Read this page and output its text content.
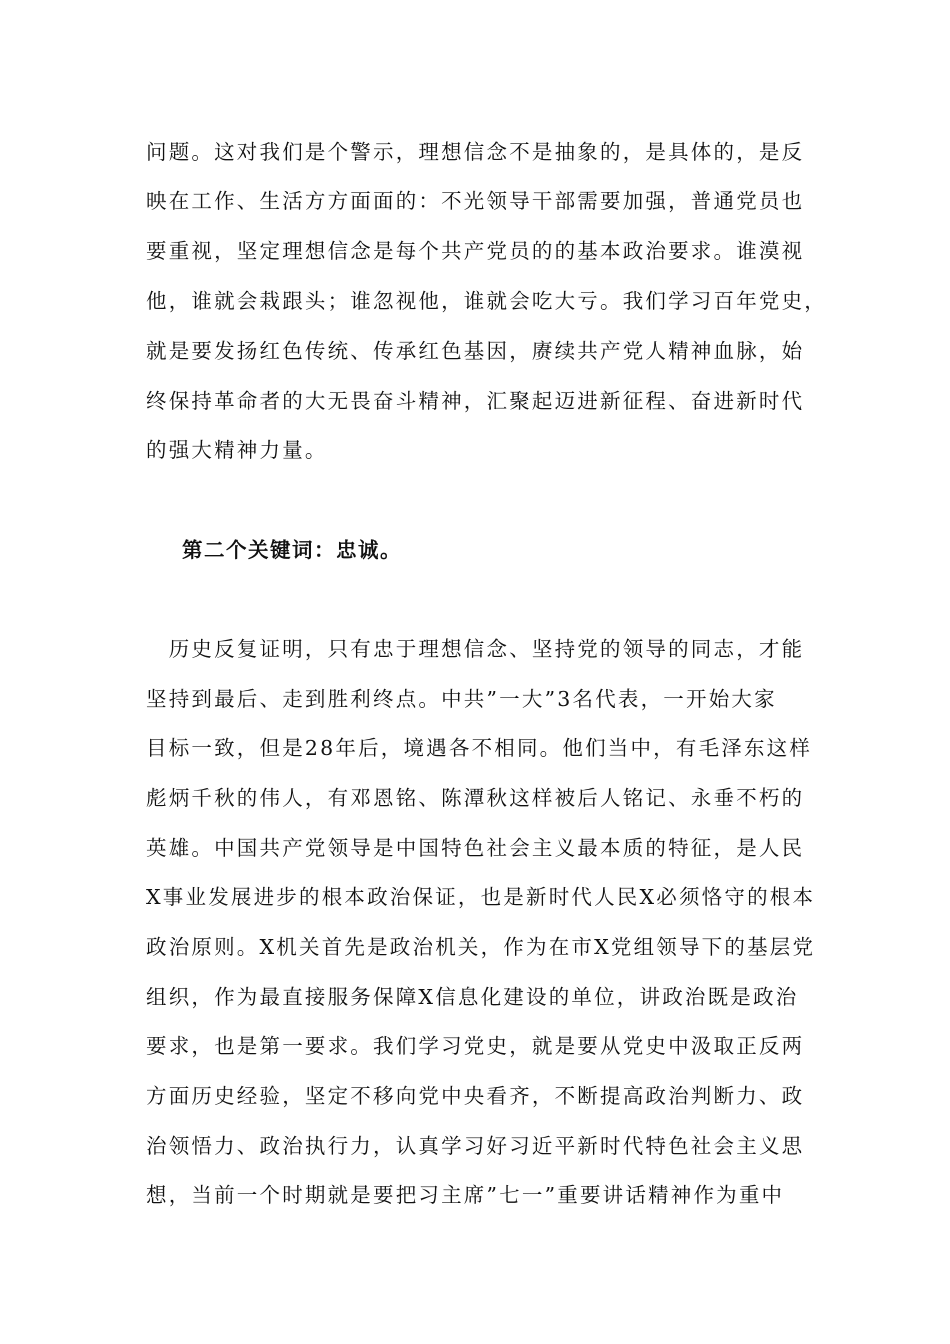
问题。这对我们是个警示，理想信念不是抽象的，是具体的，是反
映在工作、生活方方面面的：不光领导干部需要加强，普通党员也
要重视，坚定理想信念是每个共产党员的的基本政治要求。谁漠视
他，谁就会栽跟头；谁忽视他，谁就会吃大亏。我们学习百年党史，
就是要发扬红色传统、传承红色基因，赓续共产党人精神血脉，始
终保持革命者的大无畏奋斗精神，汇聚起迈进新征程、奋进新时代
的强大精神力量。
第二个关键词：忠诚。
　历史反复证明，只有忠于理想信念、坚持党的领导的同志，才能
坚持到最后、走到胜利终点。中共”一大”3名代表，一开始大家
目标一致，但是28年后，境遇各不相同。他们当中，有毛泽东这样
彪炳千秋的伟人，有邓恩铭、陈潭秋这样被后人铭记、永垂不朽的
英雄。中国共产党领导是中国特色社会主义最本质的特征，是人民
X事业发展进步的根本政治保证，也是新时代人民X必须恪守的根本
政治原则。X机关首先是政治机关，作为在市X党组领导下的基层党
组织，作为最直接服务保障X信息化建设的单位，讲政治既是政治
要求，也是第一要求。我们学习党史，就是要从党史中汲取正反两
方面历史经验，坚定不移向党中央看齐，不断提高政治判断力、政
治领悟力、政治执行力，认真学习好习近平新时代特色社会主义思
想，当前一个时期就是要把习主席”七一”重要讲话精神作为重中
